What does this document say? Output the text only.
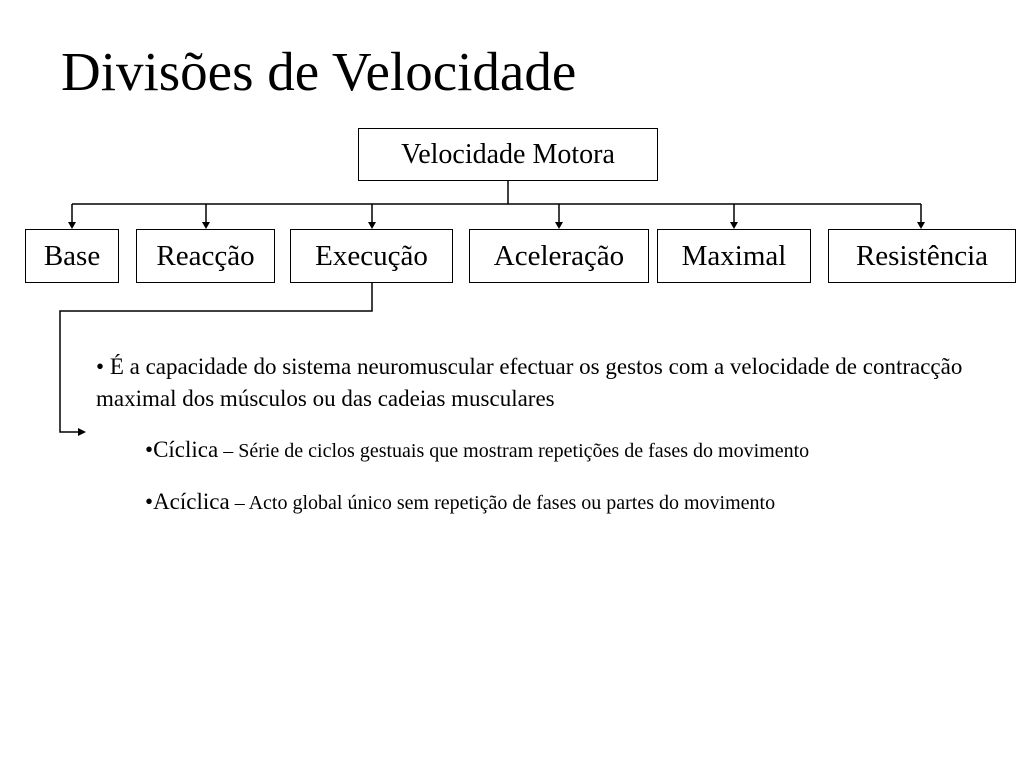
Divisões de Velocidade
Velocidade Motora
Base	Reacção	Execução	Aceleração	Maximal	Resistência
• É a capacidade do sistema neuromuscular efectuar os gestos com a velocidade de contracção maximal dos músculos ou das cadeias musculares
•Cíclica – Série de ciclos gestuais que mostram repetições de fases do movimento
•Acíclica – Acto global único sem repetição de fases ou partes do movimento
